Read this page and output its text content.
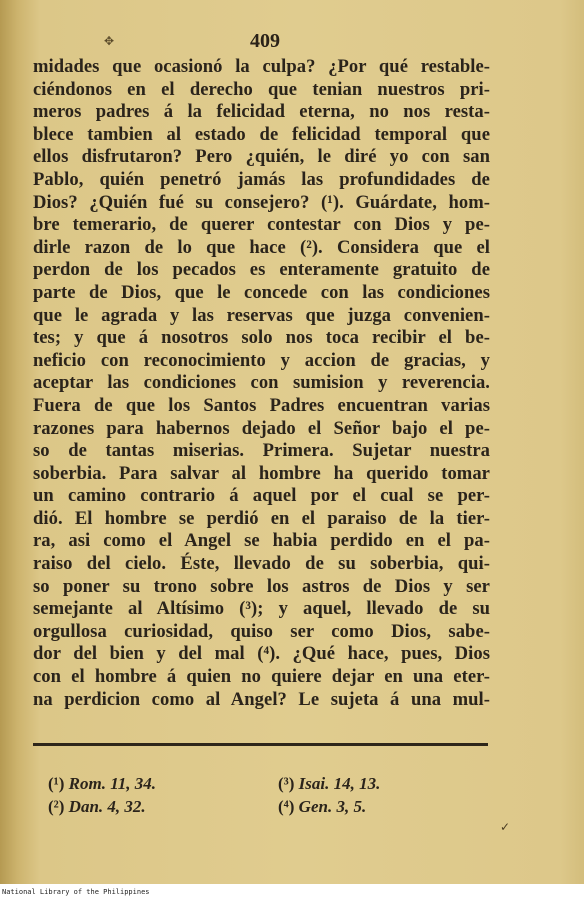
✥	409
midades que ocasionó la culpa? ¿Por qué restable-
ciéndonos en el derecho que tenian nuestros pri-
meros padres á la felicidad eterna, no nos resta-
blece tambien al estado de felicidad temporal que
ellos disfrutaron? Pero ¿quién, le diré yo con san
Pablo, quién penetró jamás las profundidades de
Dios? ¿Quién fué su consejero? (¹). Guárdate, hom-
bre temerario, de querer contestar con Dios y pe-
dirle razon de lo que hace (²). Considera que el
perdon de los pecados es enteramente gratuito de
parte de Dios, que le concede con las condiciones
que le agrada y las reservas que juzga convenien-
tes; y que á nosotros solo nos toca recibir el be-
neficio con reconocimiento y accion de gracias, y
aceptar las condiciones con sumision y reverencia.
Fuera de que los Santos Padres encuentran varias
razones para habernos dejado el Señor bajo el pe-
so de tantas miserias. Primera. Sujetar nuestra
soberbia. Para salvar al hombre ha querido tomar
un camino contrario á aquel por el cual se per-
dió. El hombre se perdió en el paraiso de la tier-
ra, asi como el Angel se habia perdido en el pa-
raiso del cielo. Éste, llevado de su soberbia, qui-
so poner su trono sobre los astros de Dios y ser
semejante al Altísimo (³); y aquel, llevado de su
orgullosa curiosidad, quiso ser como Dios, sabe-
dor del bien y del mal (⁴). ¿Qué hace, pues, Dios
con el hombre á quien no quiere dejar en una eter-
na perdicion como al Angel? Le sujeta á una mul-
(¹) Rom. 11, 34.
(²) Dan. 4, 32.
(³) Isai. 14, 13.
(⁴) Gen. 3, 5.
✓
National Library of the Philippines
